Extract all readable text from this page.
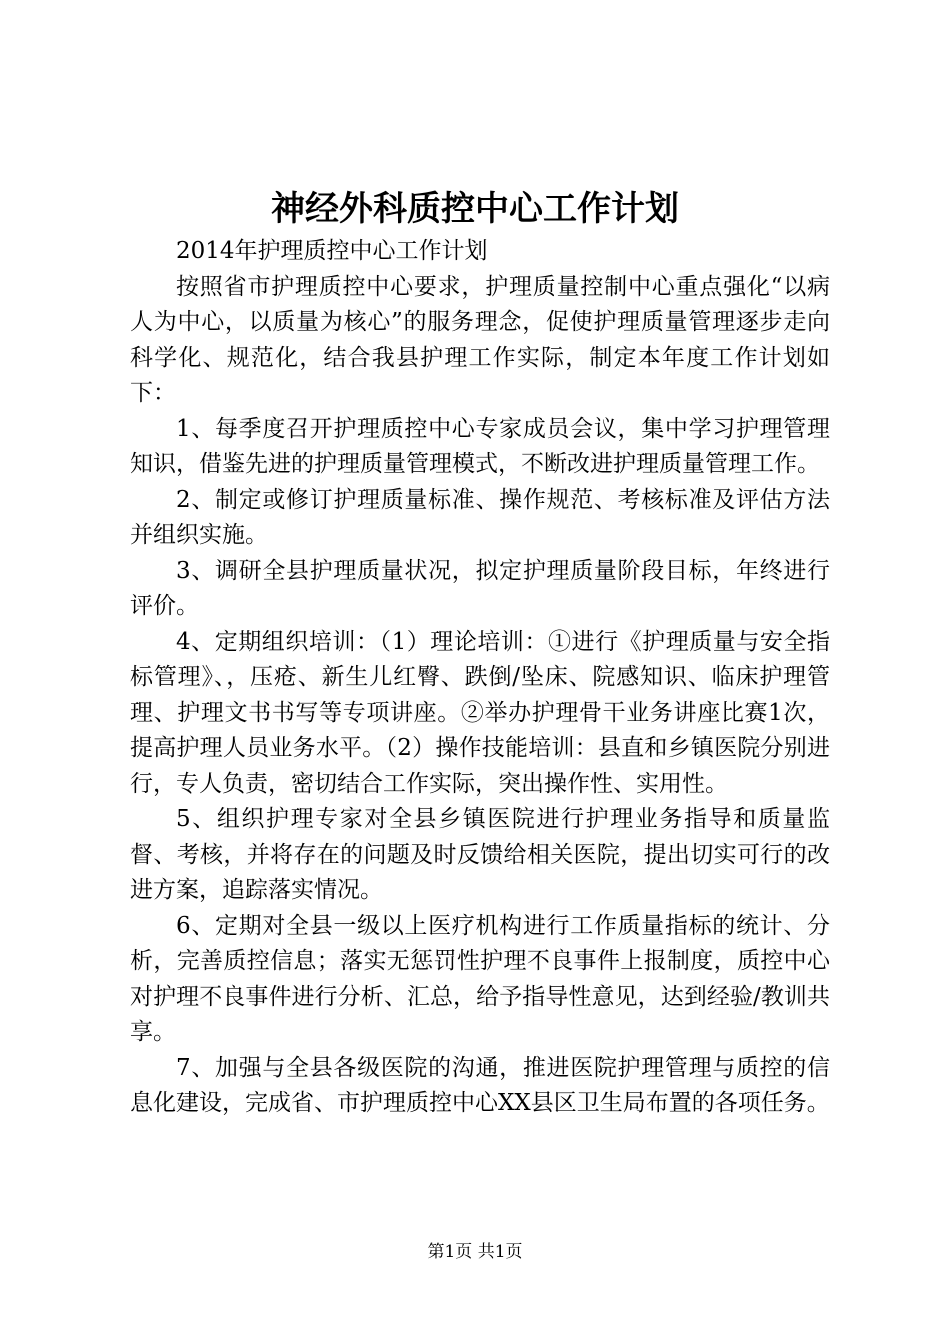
神经外科质控中心工作计划

2014年护理质控中心工作计划

按照省市护理质控中心要求，护理质量控制中心重点强化“以病人为中心，以质量为核心”的服务理念，促使护理质量管理逐步走向科学化、规范化，结合我县护理工作实际，制定本年度工作计划如下：

1、每季度召开护理质控中心专家成员会议，集中学习护理管理知识，借鉴先进的护理质量管理模式，不断改进护理质量管理工作。

2、制定或修订护理质量标准、操作规范、考核标准及评估方法并组织实施。

3、调研全县护理质量状况，拟定护理质量阶段目标，年终进行评价。

4、定期组织培训：（1）理论培训：①进行《护理质量与安全指标管理》、，压疮、新生儿红臀、跌倒/坠床、院感知识、临床护理管理、护理文书书写等专项讲座。②举办护理骨干业务讲座比赛1次，提高护理人员业务水平。（2）操作技能培训：县直和乡镇医院分别进行，专人负责，密切结合工作实际，突出操作性、实用性。

5、组织护理专家对全县乡镇医院进行护理业务指导和质量监督、考核，并将存在的问题及时反馈给相关医院，提出切实可行的改进方案，追踪落实情况。

6、定期对全县一级以上医疗机构进行工作质量指标的统计、分析，完善质控信息；落实无惩罚性护理不良事件上报制度，质控中心对护理不良事件进行分析、汇总，给予指导性意见，达到经验/教训共享。

7、加强与全县各级医院的沟通，推进医院护理管理与质控的信息化建设，完成省、市护理质控中心XX县区卫生局布置的各项任务。

第1页 共1页
